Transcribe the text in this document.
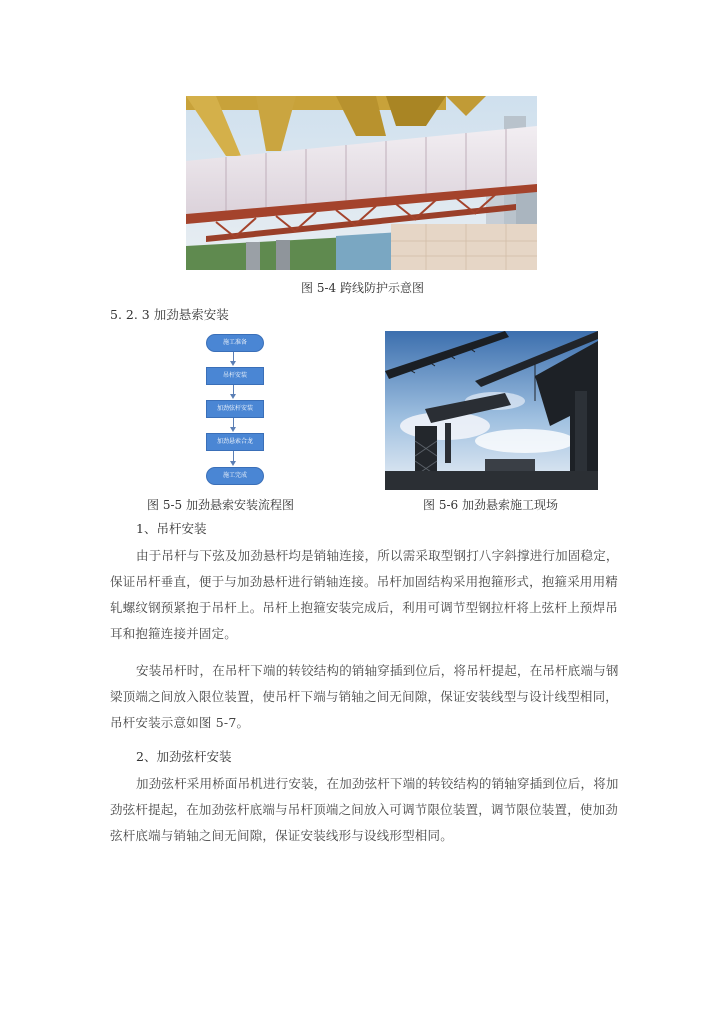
图 5-4 跨线防护示意图
5. 2. 3 加劲悬索安装
施工准备
吊杆安装
加劲弦杆安装
加劲悬索合龙
施工完成
图 5-5 加劲悬索安装流程图	图 5-6 加劲悬索施工现场
1、吊杆安装
由于吊杆与下弦及加劲悬杆均是销轴连接，所以需采取型钢打八字斜撑进行加固稳定，保证吊杆垂直，便于与加劲悬杆进行销轴连接。吊杆加固结构采用抱箍形式，抱箍采用用精轧螺纹钢预紧抱于吊杆上。吊杆上抱箍安装完成后，利用可调节型钢拉杆将上弦杆上预焊吊耳和抱箍连接并固定。
安装吊杆时，在吊杆下端的转铰结构的销轴穿插到位后，将吊杆提起，在吊杆底端与钢梁顶端之间放入限位装置，使吊杆下端与销轴之间无间隙，保证安装线型与设计线型相同，吊杆安装示意如图 5-7。
2、加劲弦杆安装
加劲弦杆采用桥面吊机进行安装，在加劲弦杆下端的转铰结构的销轴穿插到位后，将加劲弦杆提起，在加劲弦杆底端与吊杆顶端之间放入可调节限位装置，调节限位装置，使加劲弦杆底端与销轴之间无间隙，保证安装线形与设线形型相同。
